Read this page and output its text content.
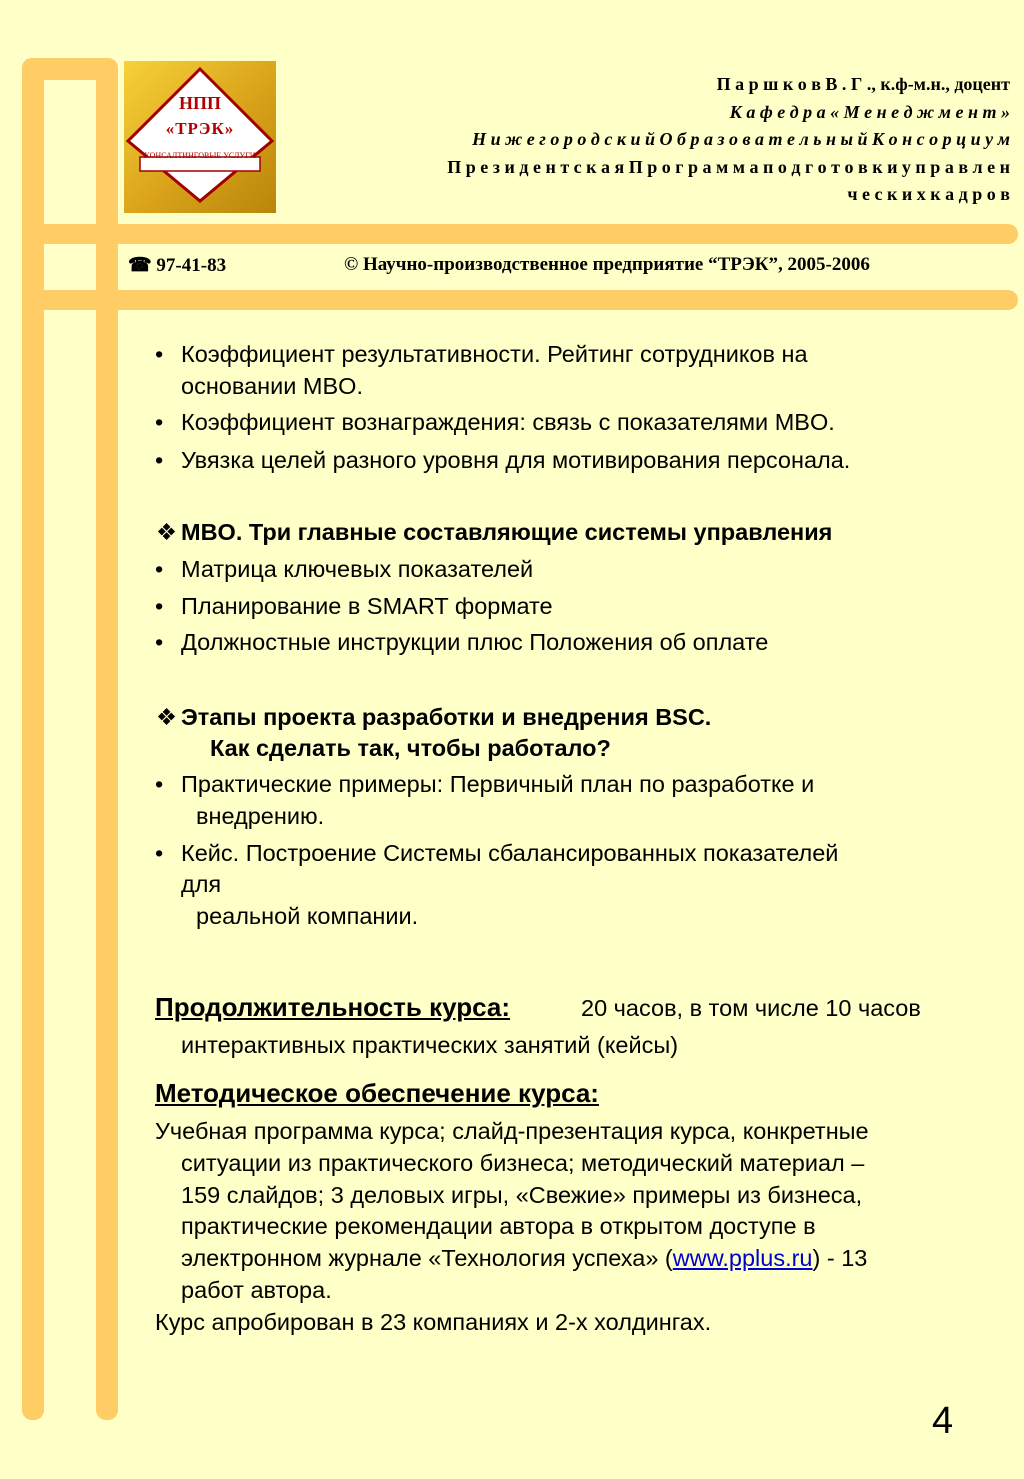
НПП
«ТРЭК»
КОНСАЛТИНГОВЫЕ УСЛУГИ
П а р ш к о в В . Г ., к.ф-м.н., доцент
К а ф е д р а « М е н е д ж м е н т »
Н и ж е г о р о д с к и й О б р а з о в а т е л ь н ы й К о н с о р ц и у м
П р е з и д е н т с к а я П р о г р а м м а п о д г о т о в к и у п р а в л е н
ч е с к и х к а д р о в
☎ 97-41-83	© Научно-производственное предприятие “ТРЭК”, 2005-2006
• Коэффициент результативности. Рейтинг сотрудников на
основании MBO.
• Коэффициент вознаграждения: связь с показателями MBO.
• Увязка целей разного уровня для мотивирования персонала.
❖ MBO. Три главные составляющие системы управления
• Матрица ключевых показателей
• Планирование в SMART формате
• Должностные инструкции плюс Положения об оплате
❖ Этапы проекта разработки и внедрения BSC.
Как сделать так, чтобы работало?
• Практические примеры: Первичный план по разработке и
внедрению.
• Кейс. Построение Системы сбалансированных показателей
для
реальной компании.
Продолжительность курса:	20 часов, в том числе 10 часов
интерактивных практических занятий (кейсы)
Методическое обеспечение курса:
Учебная программа курса; слайд-презентация курса, конкретные
ситуации из практического бизнеса; методический материал –
159 слайдов; 3 деловых игры, «Свежие» примеры из бизнеса,
практические рекомендации автора в открытом доступе в
электронном журнале «Технология успеха» (www.pplus.ru) - 13
работ автора.
Курс апробирован в 23 компаниях и 2-х холдингах.
4
